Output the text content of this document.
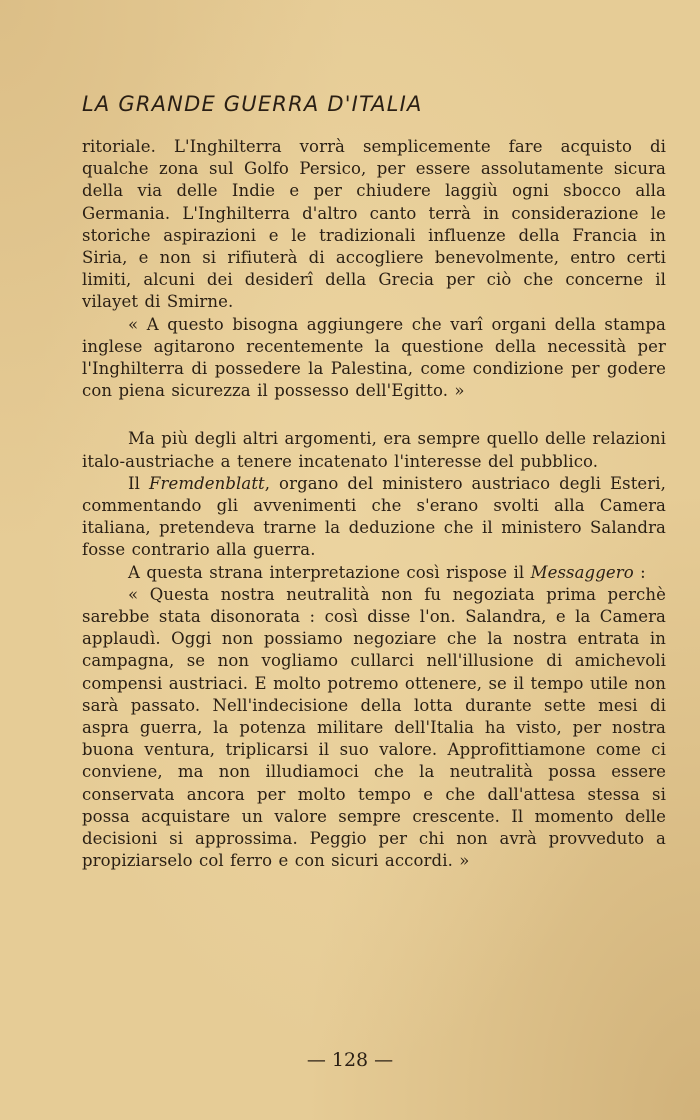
LA GRANDE GUERRA D'ITALIA

ritoriale. L'Inghilterra vorrà semplicemente fare acquisto di qualche zona sul Golfo Persico, per essere assolutamente sicura della via delle Indie e per chiudere laggiù ogni sbocco alla Germania. L'Inghilterra d'altro canto terrà in considerazione le storiche aspirazioni e le tradizionali influenze della Francia in Siria, e non si rifiuterà di accogliere benevolmente, entro certi limiti, alcuni dei desiderî della Grecia per ciò che concerne il vilayet di Smirne.

« A questo bisogna aggiungere che varî organi della stampa inglese agitarono recentemente la questione della necessità per l'Inghilterra di possedere la Palestina, come condizione per godere con piena sicurezza il possesso dell'Egitto. »

Ma più degli altri argomenti, era sempre quello delle relazioni italo-austriache a tenere incatenato l'interesse del pubblico.

Il Fremdenblatt, organo del ministero austriaco degli Esteri, commentando gli avvenimenti che s'erano svolti alla Camera italiana, pretendeva trarne la deduzione che il ministero Salandra fosse contrario alla guerra.

A questa strana interpretazione così rispose il Messaggero :

« Questa nostra neutralità non fu negoziata prima perchè sarebbe stata disonorata : così disse l'on. Salandra, e la Camera applaudì. Oggi non possiamo negoziare che la nostra entrata in campagna, se non vogliamo cullarci nell'illusione di amichevoli compensi austriaci. E molto potremo ottenere, se il tempo utile non sarà passato. Nell'indecisione della lotta durante sette mesi di aspra guerra, la potenza militare dell'Italia ha visto, per nostra buona ventura, triplicarsi il suo valore. Approfittiamone come ci conviene, ma non illudiamoci che la neutralità possa essere conservata ancora per molto tempo e che dall'attesa stessa si possa acquistare un valore sempre crescente. Il momento delle decisioni si approssima. Peggio per chi non avrà provveduto a propiziarselo col ferro e con sicuri accordi. »

— 128 —
